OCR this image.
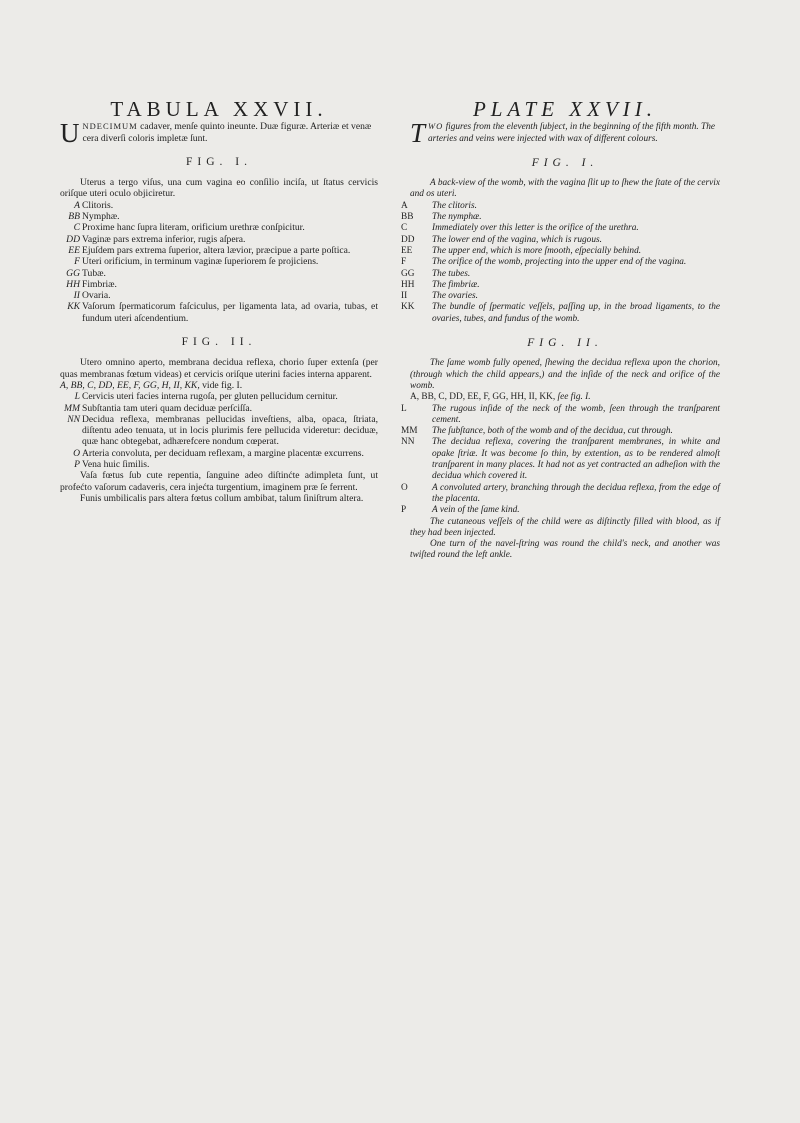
TABULA XXVII.

UNDECIMUM cadaver, menſe quinto ineunte. Duæ figuræ. Arteriæ et venæ cera diverſi coloris impletæ ſunt.

FIG. I.

Uterus a tergo viſus, una cum vagina eo conſilio inciſa, ut ſtatus cervicis oriſque uteri oculo objiciretur.

A Clitoris.
BB Nymphæ.
C Proxime hanc ſupra literam, orificium urethræ conſpicitur.
DD Vaginæ pars extrema inferior, rugis aſpera.
EE Ejuſdem pars extrema ſuperior, altera lævior, præcipue a parte poſtica.
F Uteri orificium, in terminum vaginæ ſuperiorem ſe projiciens.
GG Tubæ.
HH Fimbriæ.
II Ovaria.
KK Vaſorum ſpermaticorum faſciculus, per ligamenta lata, ad ovaria, tubas, et fundum uteri aſcendentium.
FIG. II.

Utero omnino aperto, membrana decidua reflexa, chorio ſuper extenſa (per quas membranas fœtum videas) et cervicis oriſque uterini facies interna apparent.

A, BB, C, DD, EE, F, GG, H, II, KK, vide fig. I.
L Cervicis uteri facies interna rugoſa, per gluten pellucidum cernitur.
MM Subſtantia tam uteri quam deciduæ perſciſſa.
NN Decidua reflexa, membranas pellucidas inveſtiens, alba, opaca, ſtriata, diſtentu adeo tenuata, ut in locis plurimis fere pellucida videretur: deciduæ, quæ hanc obtegebat, adhærefcere nondum cœperat.
O Arteria convoluta, per deciduam reflexam, a margine placentæ excurrens.
P Vena huic ſimilis.

Vaſa fœtus ſub cute repentia, ſanguine adeo diſtinćte adimpleta ſunt, ut profećto vaſorum cadaveris, cera injećta turgentium, imaginem præ ſe ferrent.

Funis umbilicalis pars altera fœtus collum ambibat, talum ſiniſtrum altera.

PLATE XXVII.

TWO figures from the eleventh ſubject, in the beginning of the fifth month. The arteries and veins were injected with wax of different colours.

FIG. I.

A back-view of the womb, with the vagina ſlit up to ſhew the ſtate of the cervix and os uteri.

A	The clitoris.
BB	The nymphæ.
C	Immediately over this letter is the orifice of the urethra.
DD	The lower end of the vagina, which is rugous.
EE	The upper end, which is more ſmooth, eſpecially behind.
F	The orifice of the womb, projecting into the upper end of the vagina.
GG	The tubes.
HH	The fimbriæ.
II	The ovaries.
KK	The bundle of ſpermatic veſſels, paſſing up, in the broad ligaments, to the ovaries, tubes, and fundus of the womb.
FIG. II.

The ſame womb fully opened, ſhewing the decidua reflexa upon the chorion, (through which the child appears,) and the inſide of the neck and orifice of the womb.

A, BB, C, DD, EE, F, GG, HH, II, KK, ſee fig. I.
L	The rugous inſide of the neck of the womb, ſeen through the tranſparent cement.
MM	The ſubſtance, both of the womb and of the decidua, cut through.
NN	The decidua reflexa, covering the tranſparent membranes, in white and opake ſtriæ. It was become ſo thin, by extention, as to be rendered almoſt tranſparent in many places. It had not as yet contracted an adheſion with the decidua which covered it.
O	A convoluted artery, branching through the decidua reflexa, from the edge of the placenta.
P	A vein of the ſame kind.

The cutaneous veſſels of the child were as diſtinctly filled with blood, as if they had been injected.

One turn of the navel-ſtring was round the child's neck, and another was twiſted round the left ankle.
